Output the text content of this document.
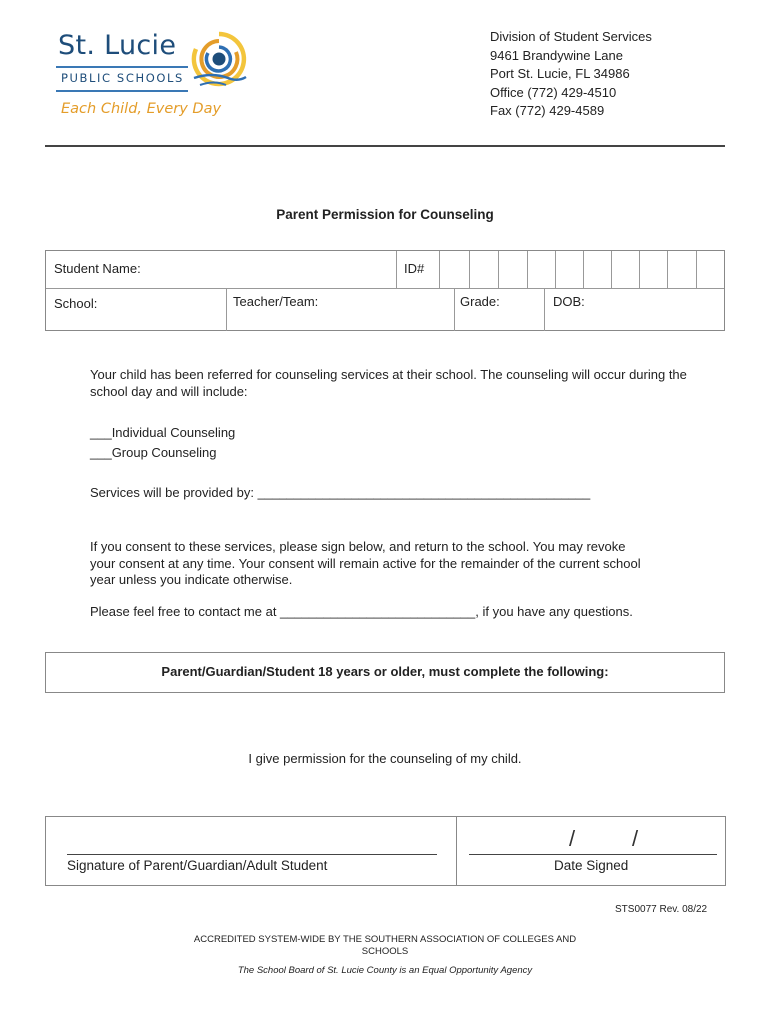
St. Lucie
PUBLIC SCHOOLS
Each Child, Every Day
Division of Student Services
9461 Brandywine Lane
Port St. Lucie, FL 34986
Office (772) 429-4510
Fax (772) 429-4589
Parent Permission for Counseling
Student Name:	ID#
School:	Teacher/Team:	Grade:	DOB:
Your child has been referred for counseling services at their school. The counseling will occur during the
school day and will include:
___Individual Counseling
___Group Counseling
Services will be provided by: ______________________________________________
If you consent to these services, please sign below, and return to the school. You may revoke
your consent at any time. Your consent will remain active for the remainder of the current school
year unless you indicate otherwise.
Please feel free to contact me at ___________________________, if you have any questions.
Parent/Guardian/Student 18 years or older, must complete the following:
I give permission for the counseling of my child.
Signature of Parent/Guardian/Adult Student
/	/
Date Signed
STS0077 Rev. 08/22
ACCREDITED SYSTEM-WIDE BY THE SOUTHERN ASSOCIATION OF COLLEGES AND
SCHOOLS
The School Board of St. Lucie County is an Equal Opportunity Agency
